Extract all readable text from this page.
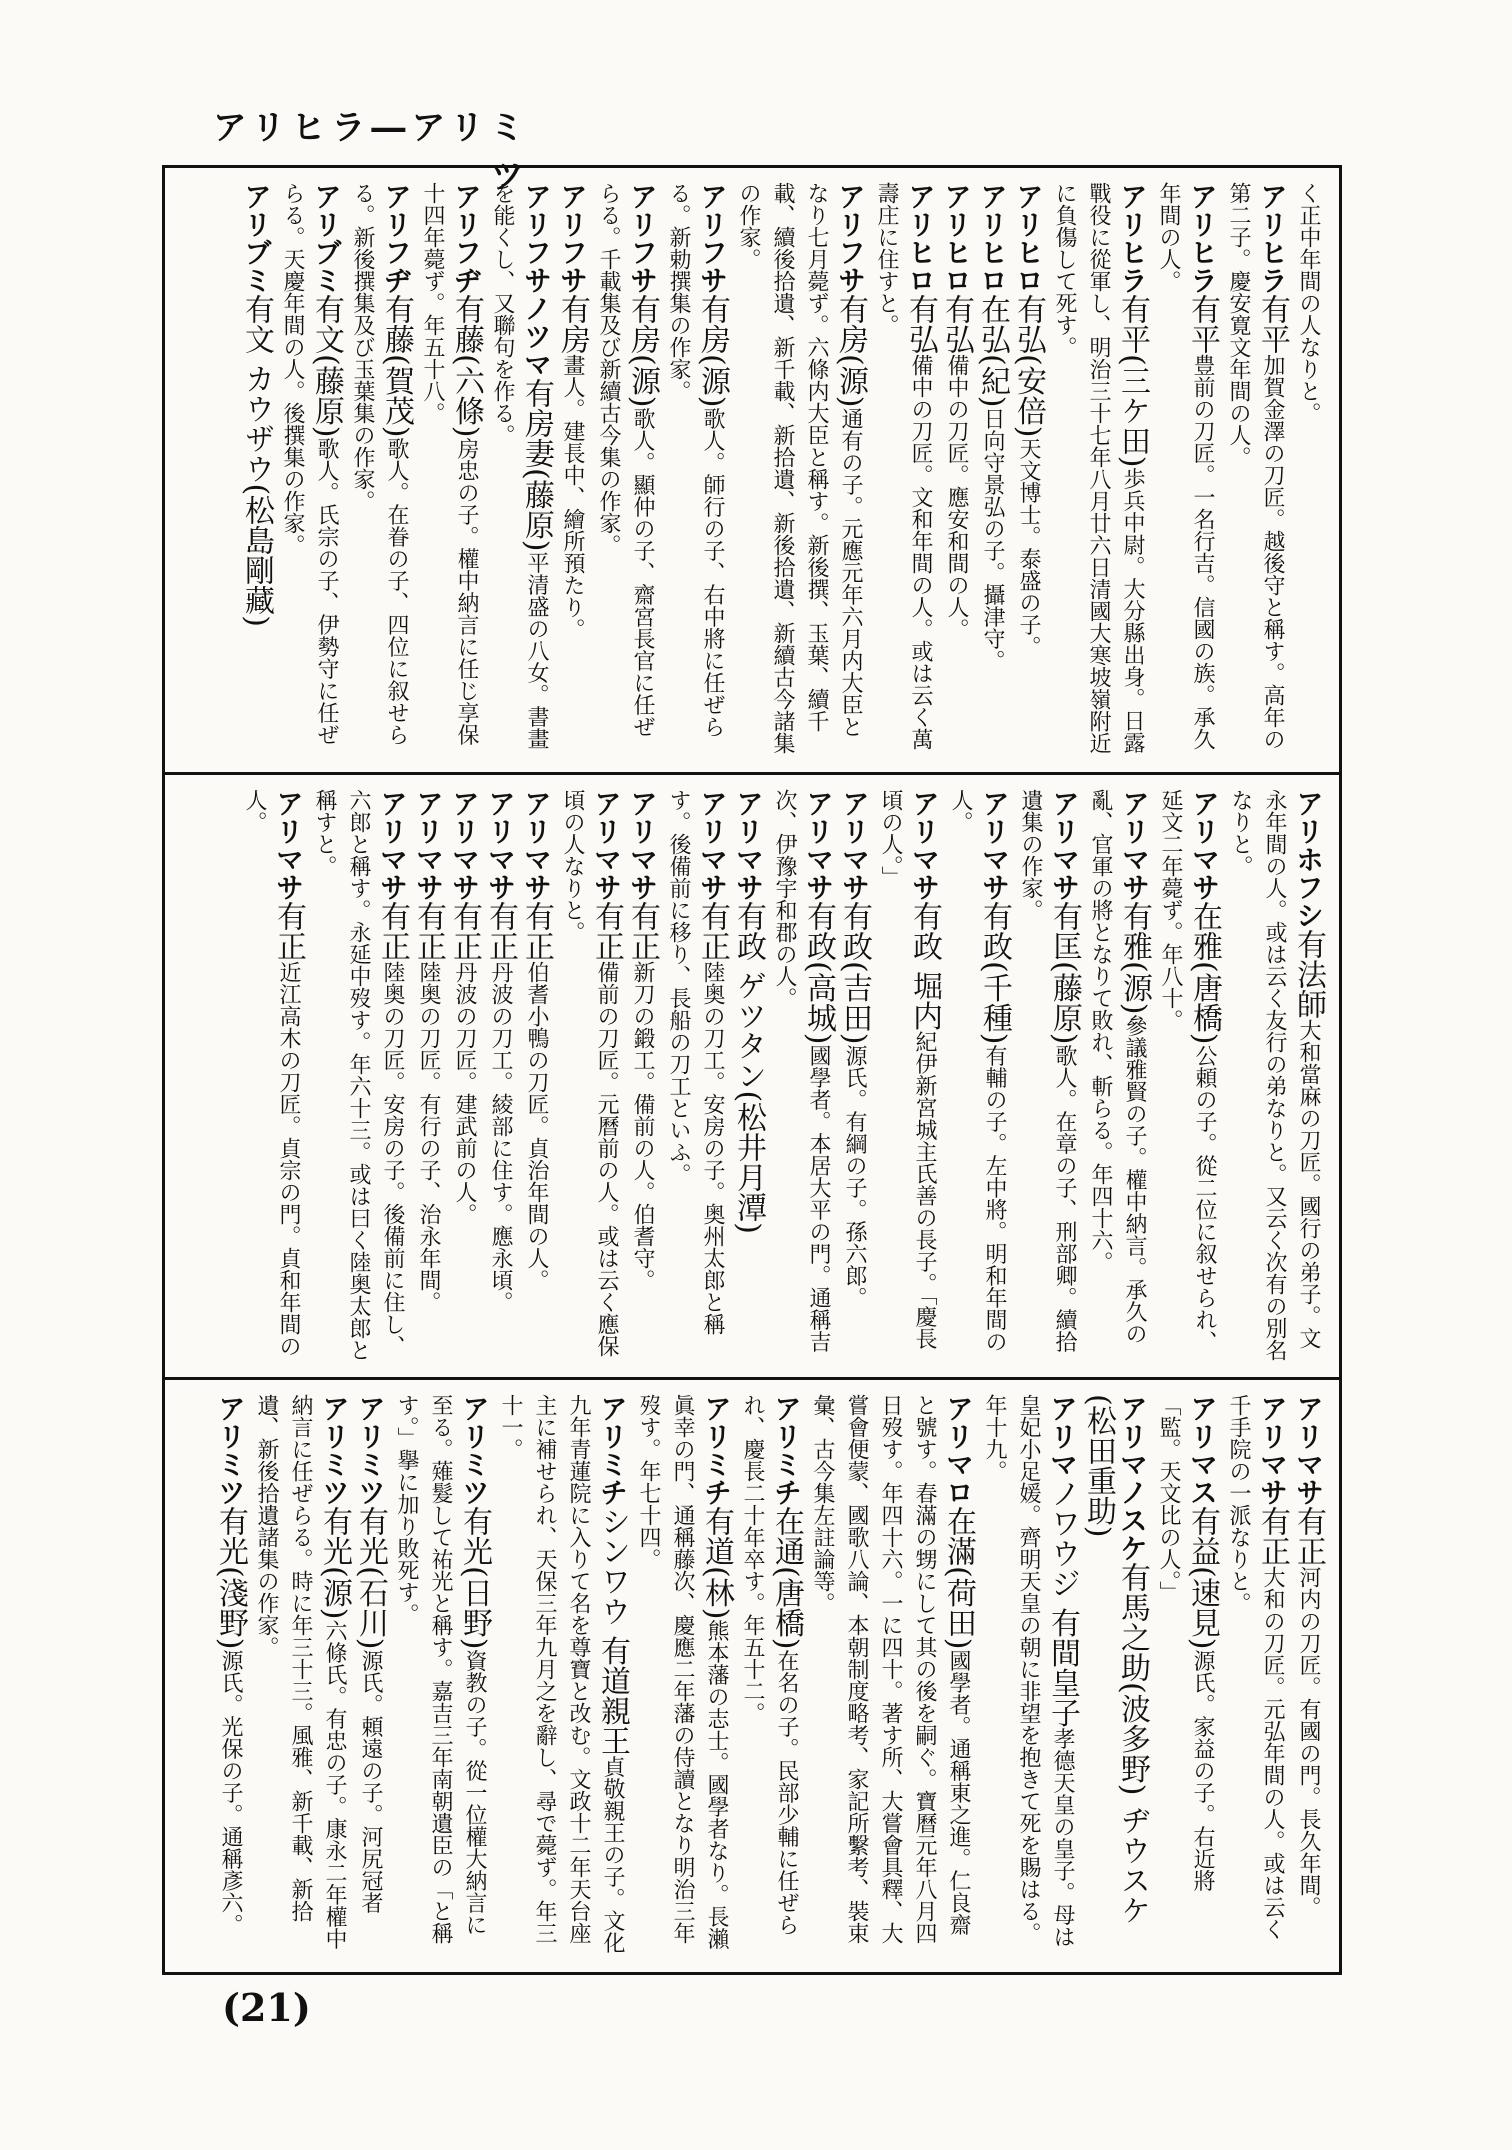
アリヒラ―アリミツ
く正中年間の人なりと。アリヒラ有平加賀金澤の刀匠。越後守と稱す。高年の第二子。慶安寛文年間の人。アリヒラ有平豊前の刀匠。一名行吉。信國の族。承久年間の人。アリヒラ有平(三ケ田)歩兵中尉。大分縣出身。日露戰役に從軍し、明治三十七年八月廿六日清國大寒坡嶺附近に負傷して死す。アリヒロ有弘(安倍)天文博士。泰盛の子。アリヒロ在弘(紀)日向守景弘の子。攝津守。アリヒロ有弘備中の刀匠。應安和間の人。アリヒロ有弘備中の刀匠。文和年間の人。或は云く萬壽庄に住すと。アリフサ有房(源)通有の子。元應元年六月内大臣となり七月薨ず。六條内大臣と稱す。新後撰、玉葉、續千載、續後拾遺、新千載、新拾遺、新後拾遺、新續古今諸集の作家。アリフサ有房(源)歌人。師行の子、右中將に任ぜらる。新勅撰集の作家。アリフサ有房(源)歌人。顯仲の子、齋宮長官に任ぜらる。千載集及び新續古今集の作家。アリフサ有房畫人。建長中、繪所預たり。アリフサノツマ有房妻(藤原)平清盛の八女。書畫を能くし、又聯句を作る。アリフヂ有藤(六條)房忠の子。權中納言に任じ享保十四年薨ず。年五十八。アリフヂ有藤(賀茂)歌人。在眷の子、四位に叙せらる。新後撰集及び玉葉集の作家。アリブミ有文(藤原)歌人。氏宗の子、伊勢守に任ぜらる。天慶年間の人。後撰集の作家。アリブミ有文 カウザウ(松島剛藏)
アリホフシ有法師大和當麻の刀匠。國行の弟子。文永年間の人。或は云く友行の弟なりと。又云く次有の別名なりと。アリマサ在雅(唐橋)公頼の子。從二位に叙せられ、延文二年薨ず。年八十。アリマサ有雅(源)參議雅賢の子。權中納言。承久の亂、官軍の將となりて敗れ、斬らる。年四十六。アリマサ有匡(藤原)歌人。在章の子、刑部卿。續拾遺集の作家。アリマサ有政(千種)有輔の子。左中將。明和年間の人。アリマサ有政 堀内紀伊新宮城主氏善の長子。「慶長頃の人。」アリマサ有政(吉田)源氏。有綱の子。孫六郎。アリマサ有政(高城)國學者。本居大平の門。通稱吉次、伊豫宇和郡の人。アリマサ有政 ゲツタン(松井月潭)アリマサ有正陸奥の刀工。安房の子。奥州太郎と稱す。後備前に移り、長船の刀工といふ。アリマサ有正新刀の鍛工。備前の人。伯耆守。アリマサ有正備前の刀匠。元曆前の人。或は云く應保頃の人なりと。アリマサ有正伯耆小鴨の刀匠。貞治年間の人。アリマサ有正丹波の刀工。綾部に住す。應永頃。アリマサ有正丹波の刀匠。建武前の人。アリマサ有正陸奥の刀匠。有行の子、治永年間。アリマサ有正陸奥の刀匠。安房の子。後備前に住し、六郎と稱す。永延中歿す。年六十三。或は曰く陸奥太郎と稱すと。アリマサ有正近江高木の刀匠。貞宗の門。貞和年間の人。
アリマサ有正河内の刀匠。有國の門。長久年間。アリマサ有正大和の刀匠。元弘年間の人。或は云く千手院の一派なりと。アリマス有益(速見)源氏。家益の子。右近將「監。天文比の人。」アリマノスケ有馬之助(波多野) ヂウスケ(松田重助)アリマノワウジ 有間皇子孝德天皇の皇子。母は皇妃小足媛。齊明天皇の朝に非望を抱きて死を賜はる。年十九。アリマロ在滿(荷田)國學者。通稱東之進。仁良齋と號す。春滿の甥にして其の後を嗣ぐ。寶曆元年八月四日歿す。年四十六。一に四十。著す所、大嘗會具釋、大嘗會便蒙、國歌八論、本朝制度略考、家記所繫考、裝束彙、古今集左註論等。アリミチ在通(唐橋)在名の子。民部少輔に任ぜられ、慶長二十年卒す。年五十二。アリミチ有道(林)熊本藩の志士。國學者なり。長瀨眞幸の門、通稱藤次、慶應二年藩の侍讀となり明治三年歿す。年七十四。アリミチシンワウ 有道親王貞敬親王の子。文化九年青蓮院に入りて名を尊寶と改む。文政十二年天台座主に補せられ、天保三年九月之を辭し、尋で薨ず。年三十一。アリミツ有光(日野)資教の子。從一位權大納言に至る。薙髮して祐光と稱す。嘉吉三年南朝遺臣の「と稱す。」擧に加り敗死す。アリミツ有光(石川)源氏。頼遠の子。河尻冠者アリミツ有光(源)六條氏。有忠の子。康永二年權中納言に任ぜらる。時に年三十三。風雅、新千載、新拾遺、新後拾遺諸集の作家。アリミツ有光(淺野)源氏。光保の子。通稱彥六。
(21)
